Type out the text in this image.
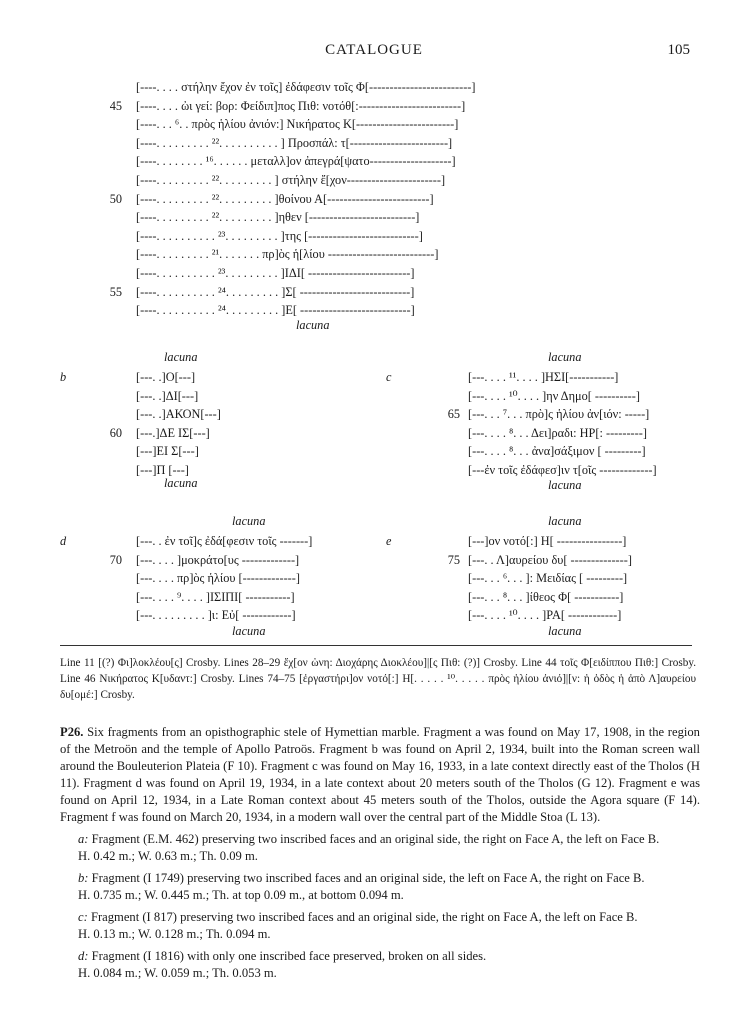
CATALOGUE	105
[----. . . . στήλην ἔχον ἐν τοῖς] ἐδάφεσιν τοῖς Φ[-------------------------]
45 [----. . . . ὠι γεί: βορ: Φείδιπ]πος Πιθ: νοτόθ[:-------------------------]
[----. . . ⁶. . πρὸς ἡλίου ἀνιόν:] Νικήρατος Κ[------------------------]
[----. . . . . . . . . ²². . . . . . . . . . ] Προσπάλ: τ[------------------------]
[----. . . . . . . . ¹⁶. . . . . . μεταλλ]ον ἀπεγρά[ψατο--------------------]
[----. . . . . . . . . ²². . . . . . . . . ] στήλην ἔ[χον-----------------------]
50 [----. . . . . . . . . ²². . . . . . . . . ]θοίνου Α[-------------------------]
[----. . . . . . . . . ²². . . . . . . . . ]ηθεν [--------------------------]
[----. . . . . . . . . . ²³. . . . . . . . . ]της [---------------------------]
[----. . . . . . . . . ²¹. . . . . . . πρ]ὸς ἡ[λίου --------------------------]
[----. . . . . . . . . . ²³. . . . . . . . . ]ΙΔΙ[ -------------------------]
55 [----. . . . . . . . . . ²⁴. . . . . . . . . ]Σ[ ---------------------------]
[----. . . . . . . . . . ²⁴. . . . . . . . . ]Ε[ ---------------------------]
lacuna
lacuna
b	[---. .]Ο[---]
[---. .]ΔΙ[---]
[---. .]ΑΚΟΝ[---]
60 [---.]ΔΕ ΙΣ[---]
[---]ΕΙ Σ[---]
[---]Π [---]
lacuna
lacuna
c	[---. . . . ¹¹. . . . ]ΗΣΙ[-----------]
[---. . . . ¹⁰. . . . ]ην Δημο[ ----------]
65 [---. . . ⁷. . . πρὸ]ς ἡλίου ἀν[ιόν: -----]
[---. . . . ⁸. . . Δει]ραδι: ΗΡ[: ---------]
[---. . . . ⁸. . . ἀνα]σάξιμον [ ---------]
[---ἐν τοῖς ἐδάφεσ]ιν τ[οῖς -------------]
lacuna
lacuna
d	[---. . ἐν τοῖ]ς ἐδά[φεσιν τοῖς -------]
70 [---. . . . ]μοκράτο[υς -------------]
[---. . . . πρ]ὸς ἡλίου [-------------]
[---. . . . ⁹. . . . ]ΙΣΙΠΙ[ -----------]
[---. . . . . . . . . ]ι: Εὐ[ ------------]
lacuna
lacuna
e	[---]ον νοτό[:] Η[ ----------------]
75 [---. . Λ]αυρείου δυ[ --------------]
[---. . . ⁶. . . ]: Μειδίας [ ---------]
[---. . . ⁸. . . ]ίθεος Φ[ -----------]
[---. . . . ¹⁰. . . . ]ΡΑ[ ------------]
lacuna

Line 11 [(?) Φι]λοκλέου[ς] Crosby. Lines 28–29 ἔχ[ον ὠνη: Διοχάρης Διοκλέου]|[ς Πιθ: (?)] Crosby. Line 44 τοῖς Φ[ειδίππου Πιθ:] Crosby. Line 46 Νικήρατος Κ[υδαντ:] Crosby. Lines 74–75 [ἐργαστήρι]ον νοτό[:] Η[. . . . . ¹⁰. . . . . πρὸς ἡλίου ἀνιό]|[ν: ἡ ὁδὸς ἡ ἀπὸ Λ]αυρείου δυ[ομέ:] Crosby.

P26. Six fragments from an opisthographic stele of Hymettian marble. Fragment a was found on May 17, 1908, in the region of the Metroön and the temple of Apollo Patroös. Fragment b was found on April 2, 1934, built into the Roman screen wall around the Bouleuterion Plateia (F 10). Fragment c was found on May 16, 1933, in a late context directly east of the Tholos (H 11). Fragment d was found on April 19, 1934, in a late context about 20 meters south of the Tholos (G 12). Fragment e was found on April 12, 1934, in a Late Roman context about 45 meters south of the Tholos, outside the Agora square (F 14). Fragment f was found on March 20, 1934, in a modern wall over the central part of the Middle Stoa (L 13).

a: Fragment (E.M. 462) preserving two inscribed faces and an original side, the right on Face A, the left on Face B.
H. 0.42 m.; W. 0.63 m.; Th. 0.09 m.

b: Fragment (I 1749) preserving two inscribed faces and an original side, the left on Face A, the right on Face B.
H. 0.735 m.; W. 0.445 m.; Th. at top 0.09 m., at bottom 0.094 m.

c: Fragment (I 817) preserving two inscribed faces and an original side, the right on Face A, the left on Face B.
H. 0.13 m.; W. 0.128 m.; Th. 0.094 m.

d: Fragment (I 1816) with only one inscribed face preserved, broken on all sides.
H. 0.084 m.; W. 0.059 m.; Th. 0.053 m.
